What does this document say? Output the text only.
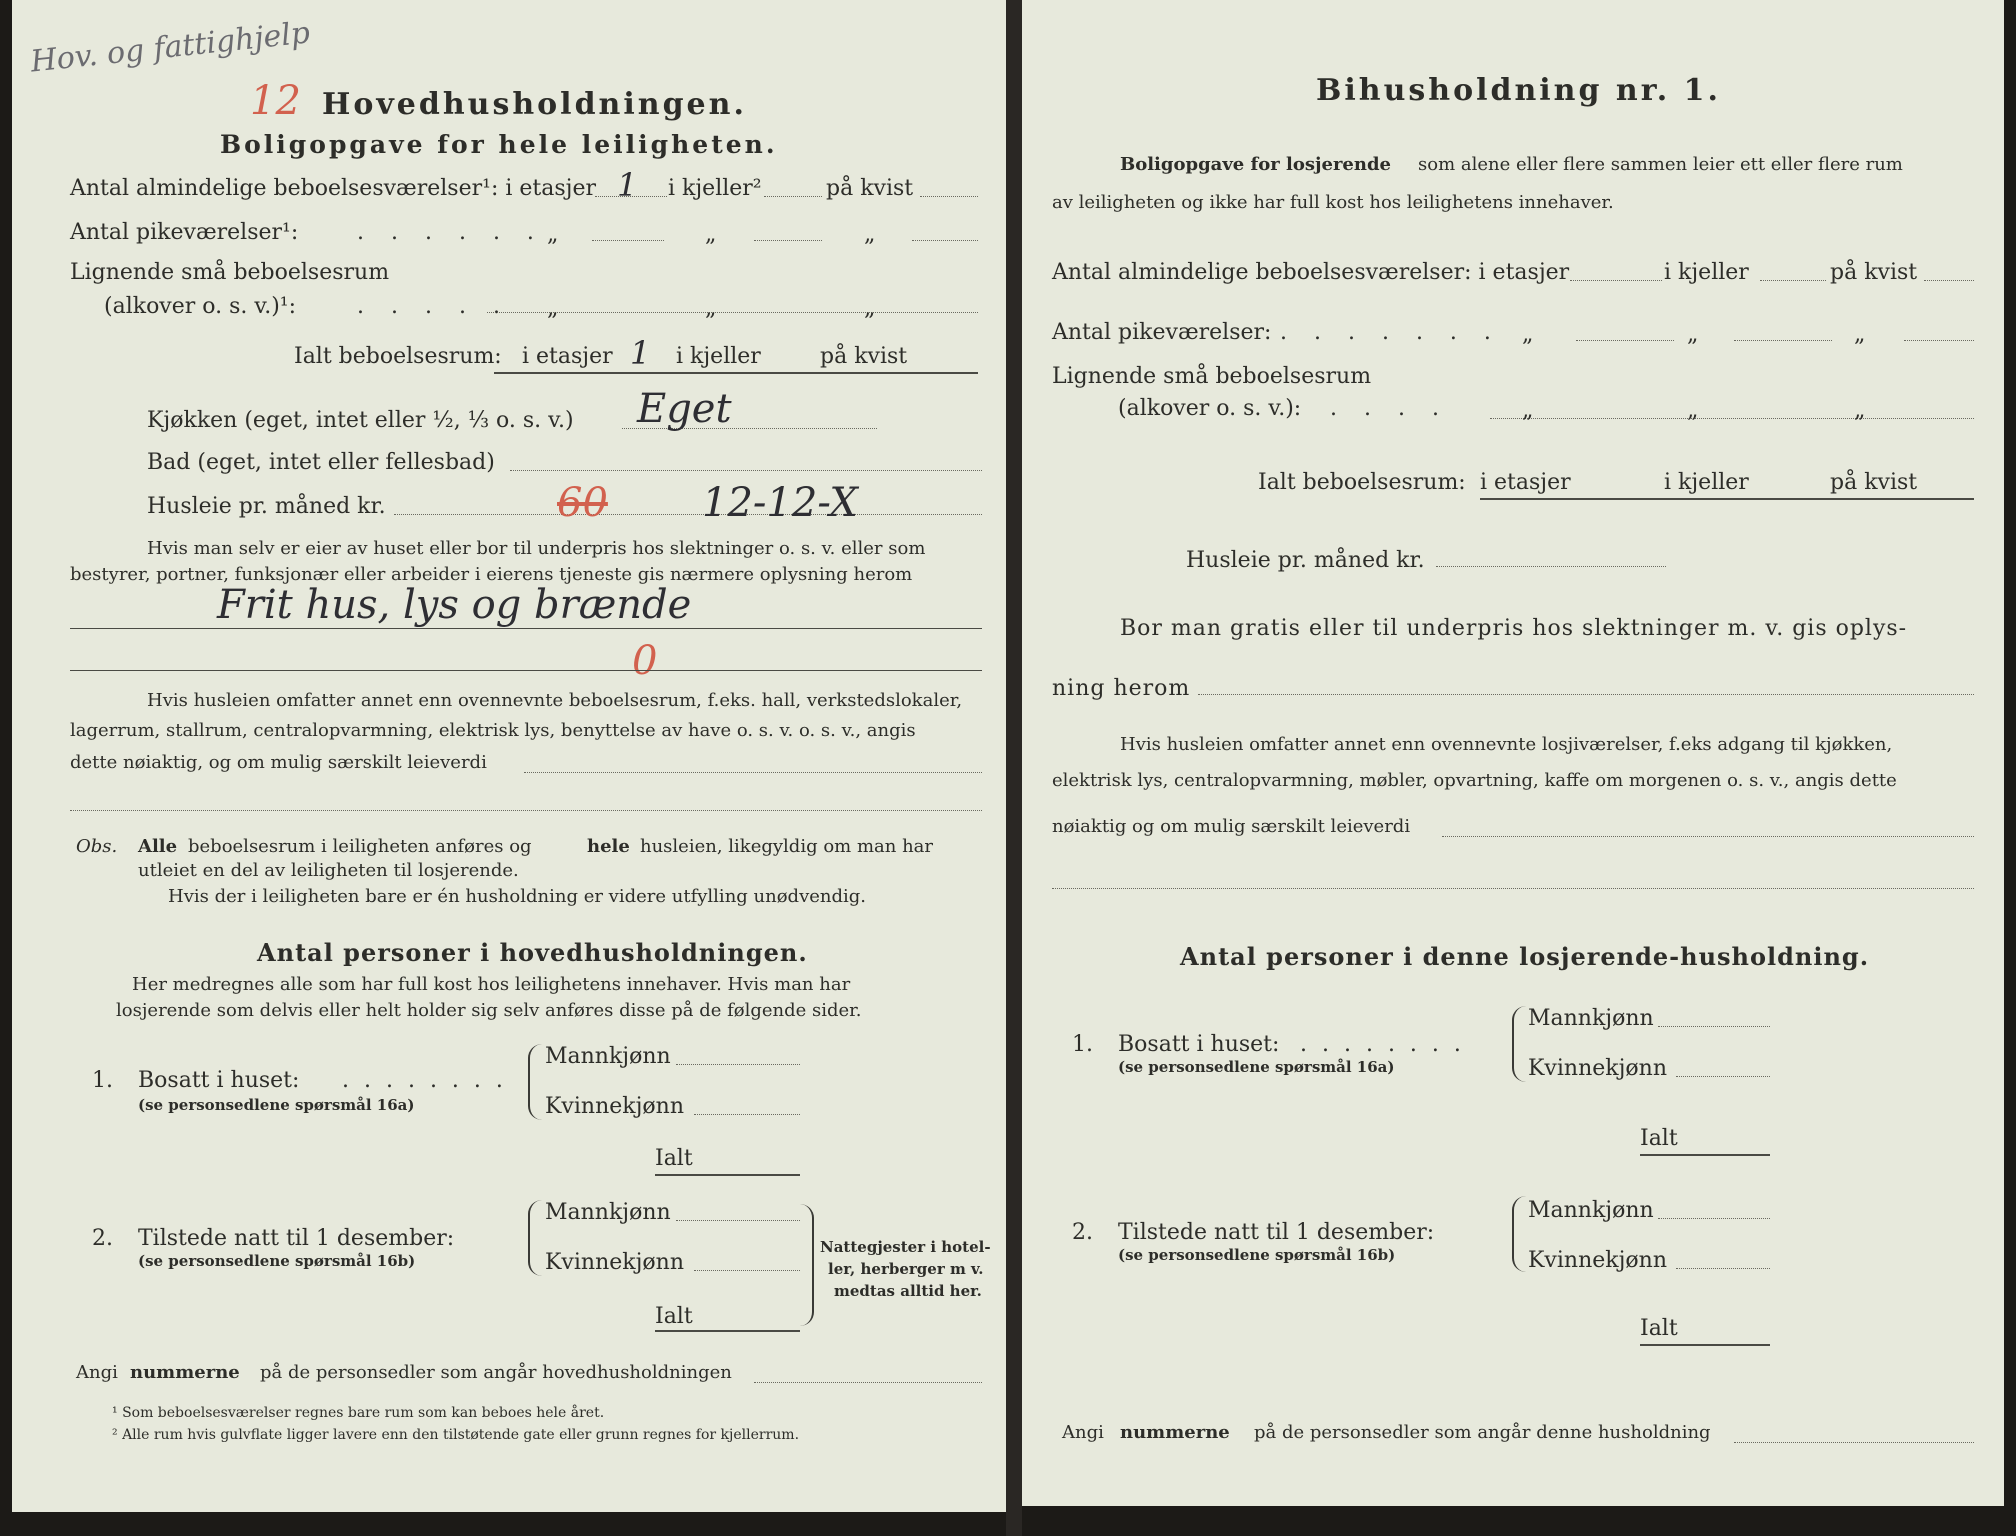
Hov. og fattighjelp
12 Hovedhusholdningen.
Boligopgave for hele leiligheten.
Antal almindelige beboelsesværelser¹: i etasjer 1 i kjeller²	på kvist
Antal pikeværelser¹:	. . . . . . „	„	„
Lignende små beboelsesrum
(alkover o. s. v.)¹:	. . . . . „	„	„
Ialt beboelsesrum: i etasjer 1 i kjeller	på kvist
Kjøkken (eget, intet eller ½, ⅓ o. s. v.) Eget
Bad (eget, intet eller fellesbad)
Husleie pr. måned kr.	60 12-12-X
Hvis man selv er eier av huset eller bor til underpris hos slektninger o. s. v. eller som
bestyrer, portner, funksjonær eller arbeider i eierens tjeneste gis nærmere oplysning herom
Frit hus, lys og brænde
0
Hvis husleien omfatter annet enn ovennevnte beboelsesrum, f.eks. hall, verkstedslokaler,
lagerrum, stallrum, centralopvarmning, elektrisk lys, benyttelse av have o. s. v. o. s. v., angis
dette nøiaktig, og om mulig særskilt leieverdi
Obs. Alle beboelsesrum i leiligheten anføres og	hele husleien, likegyldig om man har
utleiet en del av leiligheten til losjerende.
Hvis der i leiligheten bare er én husholdning er videre utfylling unødvendig.
Antal personer i hovedhusholdningen.
Her medregnes alle som har full kost hos leilighetens innehaver. Hvis man har
losjerende som delvis eller helt holder sig selv anføres disse på de følgende sider.
1. Bosatt i huset: . . . . . . . .
(se personsedlene spørsmål 16a)
Mannkjønn
Kvinnekjønn
Ialt
2. Tilstede natt til 1 desember:
(se personsedlene spørsmål 16b)
Mannkjønn
Kvinnekjønn
Ialt
Nattegjester i hotel-
ler, herberger m v.
medtas alltid her.
Angi nummerne på de personsedler som angår hovedhusholdningen
¹ Som beboelsesværelser regnes bare rum som kan beboes hele året.
² Alle rum hvis gulvflate ligger lavere enn den tilstøtende gate eller grunn regnes for kjellerrum.
Bihusholdning nr. 1.
Boligopgave for losjerende som alene eller flere sammen leier ett eller flere rum
av leiligheten og ikke har full kost hos leilighetens innehaver.
Antal almindelige beboelsesværelser: i etasjer	i kjeller	på kvist
Antal pikeværelser: . . . . . . . „	„	„
Lignende små beboelsesrum
(alkover o. s. v.): . . . .	„	„	„
Ialt beboelsesrum: i etasjer	i kjeller	på kvist
Husleie pr. måned kr.
Bor man gratis eller til underpris hos slektninger m. v. gis oplys-
ning herom
Hvis husleien omfatter annet enn ovennevnte losjiværelser, f.eks adgang til kjøkken,
elektrisk lys, centralopvarmning, møbler, opvartning, kaffe om morgenen o. s. v., angis dette
nøiaktig og om mulig særskilt leieverdi
Antal personer i denne losjerende-husholdning.
1. Bosatt i huset: . . . . . . . .
(se personsedlene spørsmål 16a)
Mannkjønn
Kvinnekjønn
Ialt
2. Tilstede natt til 1 desember:
(se personsedlene spørsmål 16b)
Mannkjønn
Kvinnekjønn
Ialt
Angi nummerne på de personsedler som angår denne husholdning
